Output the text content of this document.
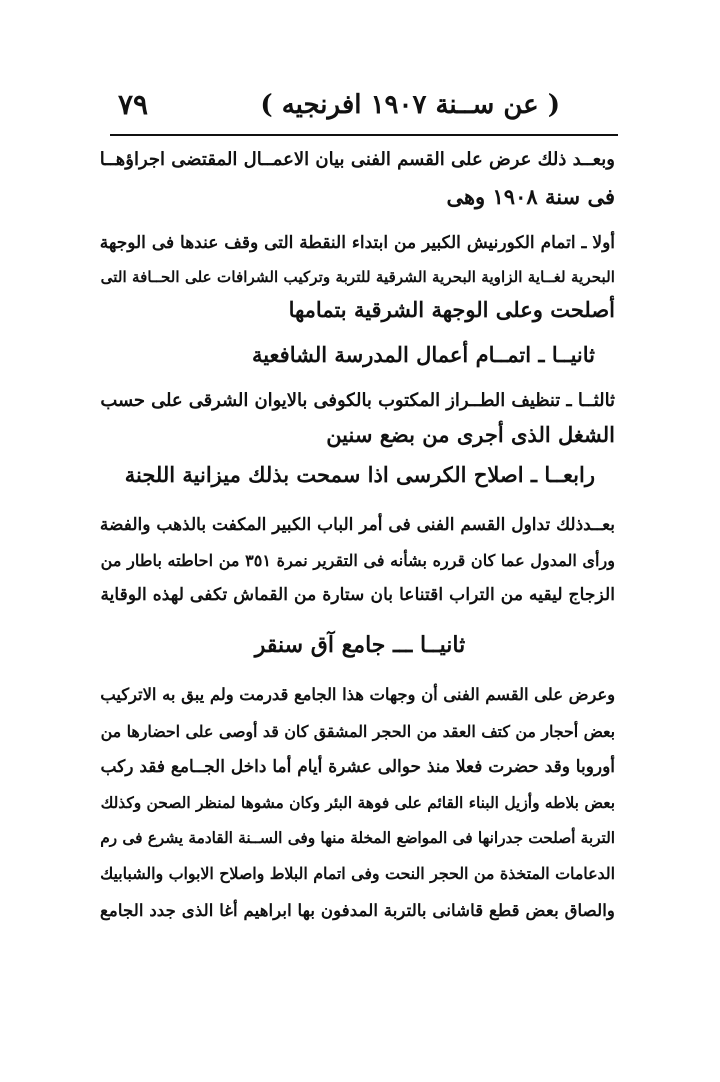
( عن ســنة ١٩٠٧ افرنجيه )
٧٩
وبعــد ذلك عرض على القسم الفنى بيان الاعمــال المقتضى اجراؤهــا
فى سنة ١٩٠٨ وهى
أولا ـ اتمام الكورنيش الكبير من ابتداء النقطة التى وقف عندها فى الوجهة
البحرية لغــاية الزاوية البحرية الشرقية للتربة وتركيب الشرافات على الحــافة التى
أصلحت وعلى الوجهة الشرقية بتمامها
ثانيــا ـ اتمــام أعمال المدرسة الشافعية
ثالثــا ـ تنظيف الطــراز المكتوب بالكوفى بالايوان الشرقى على حسب
الشغل الذى أجرى من بضع سنين
رابعــا ـ اصلاح الكرسى اذا سمحت بذلك ميزانية اللجنة
بعــدذلك تداول القسم الفنى فى أمر الباب الكبير المكفت بالذهب والفضة
ورأى المدول عما كان قرره بشأنه فى التقرير نمرة ٣٥١ من احاطته باطار من
الزجاج ليقيه من التراب اقتناعا بان ستارة من القماش تكفى لهذه الوقاية
ثانيــا ـــ جامع آق سنقر
وعرض على القسم الفنى أن وجهات هذا الجامع قدرمت ولم يبق به الاتركيب
بعض أحجار من كتف العقد من الحجر المشقق كان قد أوصى على احضارها من
أوروبا وقد حضرت فعلا منذ حوالى عشرة أيام أما داخل الجــامع فقد ركب
بعض بلاطه وأزيل البناء القائم على فوهة البئر وكان مشوها لمنظر الصحن وكذلك
التربة أصلحت جدرانها فى المواضع المخلة منها وفى الســنة القادمة يشرع فى رم
الدعامات المتخذة من الحجر النحت وفى اتمام البلاط واصلاح الابواب والشبابيك
والصاق بعض قطع قاشانى بالتربة المدفون بها ابراهيم أغا الذى جدد الجامع
